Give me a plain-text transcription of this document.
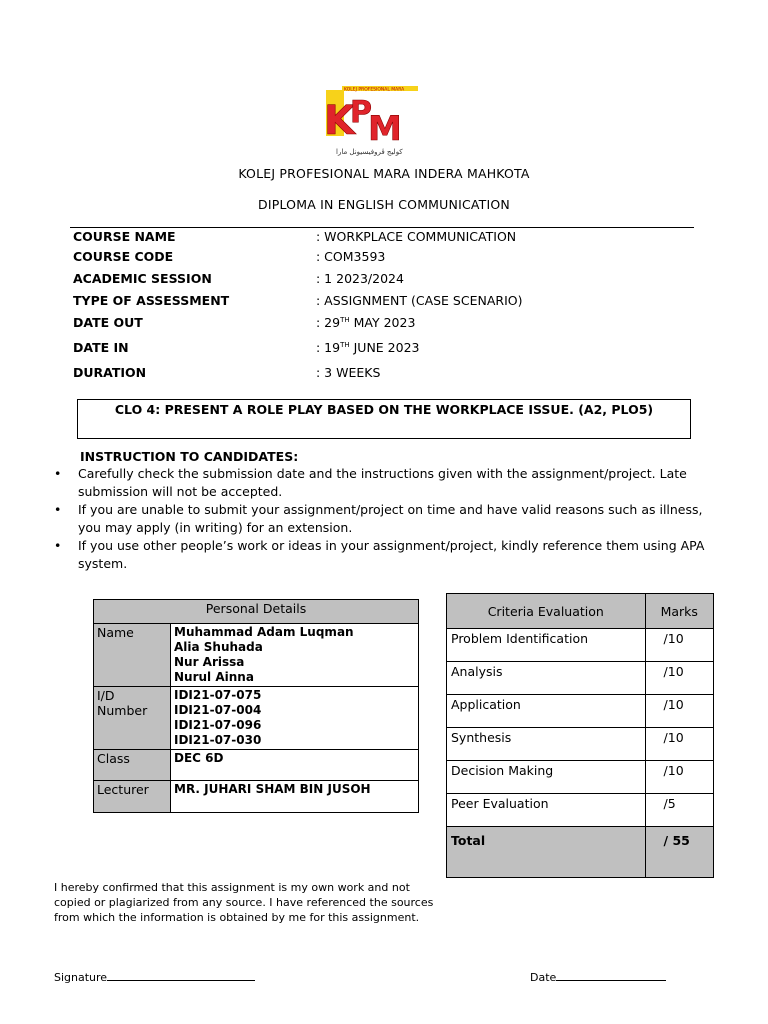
KOLEJ PROFESIONAL MARA
K
P
M
كوليج ڤروفيسيونل مارا
KOLEJ PROFESIONAL MARA INDERA MAHKOTA
DIPLOMA IN ENGLISH COMMUNICATION
COURSE NAME	: WORKPLACE COMMUNICATION
COURSE CODE	: COM3593
ACADEMIC SESSION	: 1 2023/2024
TYPE OF ASSESSMENT	: ASSIGNMENT (CASE SCENARIO)
DATE OUT	: 29TH MAY 2023
DATE IN	: 19TH JUNE 2023
DURATION	: 3 WEEKS
CLO 4: PRESENT A ROLE PLAY BASED ON THE WORKPLACE ISSUE. (A2, PLO5)
INSTRUCTION TO CANDIDATES:
• Carefully check the submission date and the instructions given with the assignment/project. Late submission will not be accepted.
• If you are unable to submit your assignment/project on time and have valid reasons such as illness, you may apply (in writing) for an extension.
• If you use other people’s work or ideas in your assignment/project, kindly reference them using APA system.
Personal Details	
Name	Muhammad Adam Luqman
Alia Shuhada
Nur Arissa
Nurul Ainna

I/D Number	IDI21-07-075
IDI21-07-004
IDI21-07-096
IDI21-07-030

Class	DEC 6D
Lecturer	MR. JUHARI SHAM BIN JUSOH
Criteria Evaluation	Marks
Problem Identification	/10
Analysis	/10
Application	/10
Synthesis	/10
Decision Making	/10
Peer Evaluation	/5
Total	/ 55
I hereby confirmed that this assignment is my own work and not copied or plagiarized from any source. I have referenced the sources from which the information is obtained by me for this assignment.
Signature	Date
